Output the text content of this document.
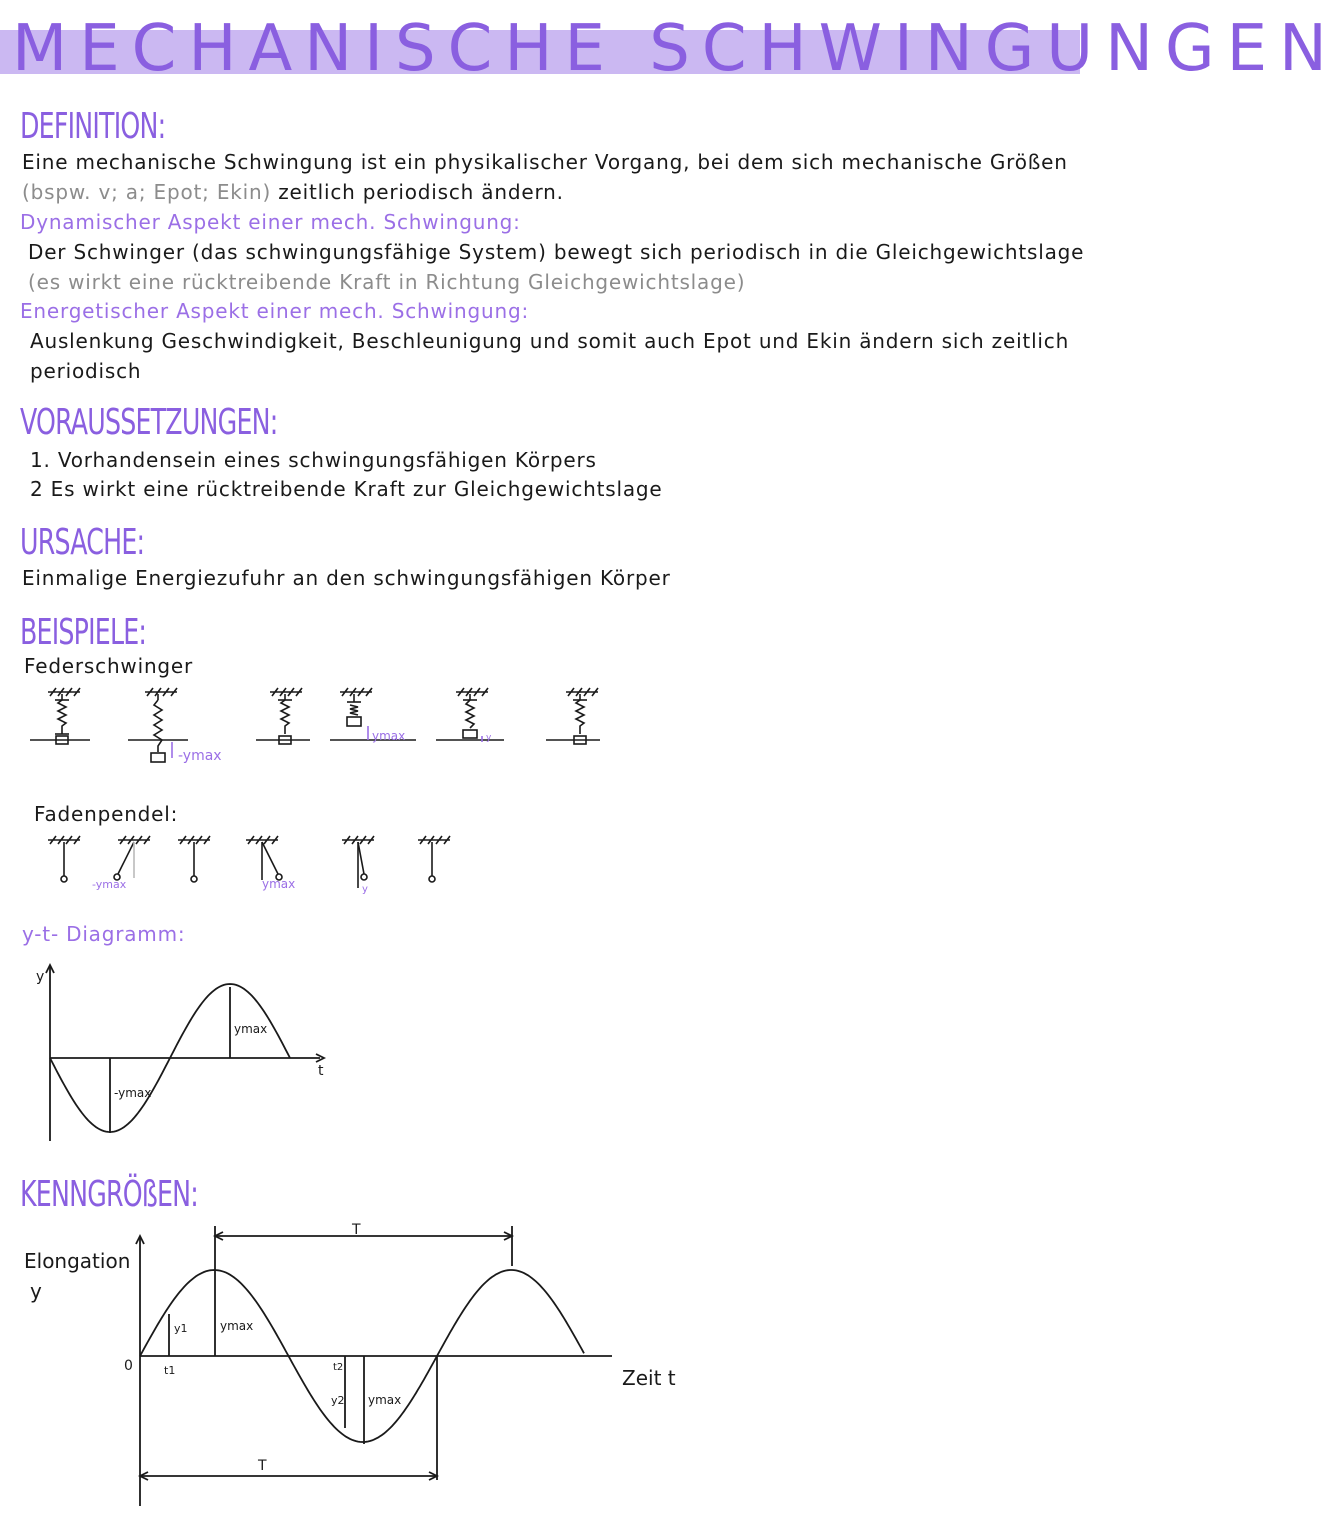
MECHANISCHE SCHWINGUNGEN
DEFINITION:
Eine mechanische Schwingung ist ein physikalischer Vorgang, bei dem sich mechanische Größen
(bspw. v; a; Epot; Ekin) zeitlich periodisch ändern.
Dynamischer Aspekt einer mech. Schwingung:
Der Schwinger (das schwingungsfähige System) bewegt sich periodisch in die Gleichgewichtslage
(es wirkt eine rücktreibende Kraft in Richtung Gleichgewichtslage)
Energetischer Aspekt einer mech. Schwingung:
Auslenkung Geschwindigkeit, Beschleunigung und somit auch Epot und Ekin ändern sich zeitlich
periodisch
VORAUSSETZUNGEN:
1. Vorhandensein eines schwingungsfähigen Körpers
2 Es wirkt eine rücktreibende Kraft zur Gleichgewichtslage
URSACHE:
Einmalige Energiezufuhr an den schwingungsfähigen Körper
BEISPIELE:
Federschwinger
-ymax
ymax	y
Fadenpendel:
-ymax	ymax	y
y-t- Diagramm:
y
t
ymax
-ymax
KENNGRÖßEN:
Elongation
y
Zeit t
0
T
T
ymax
y1
t1	t2
y2 ymax
